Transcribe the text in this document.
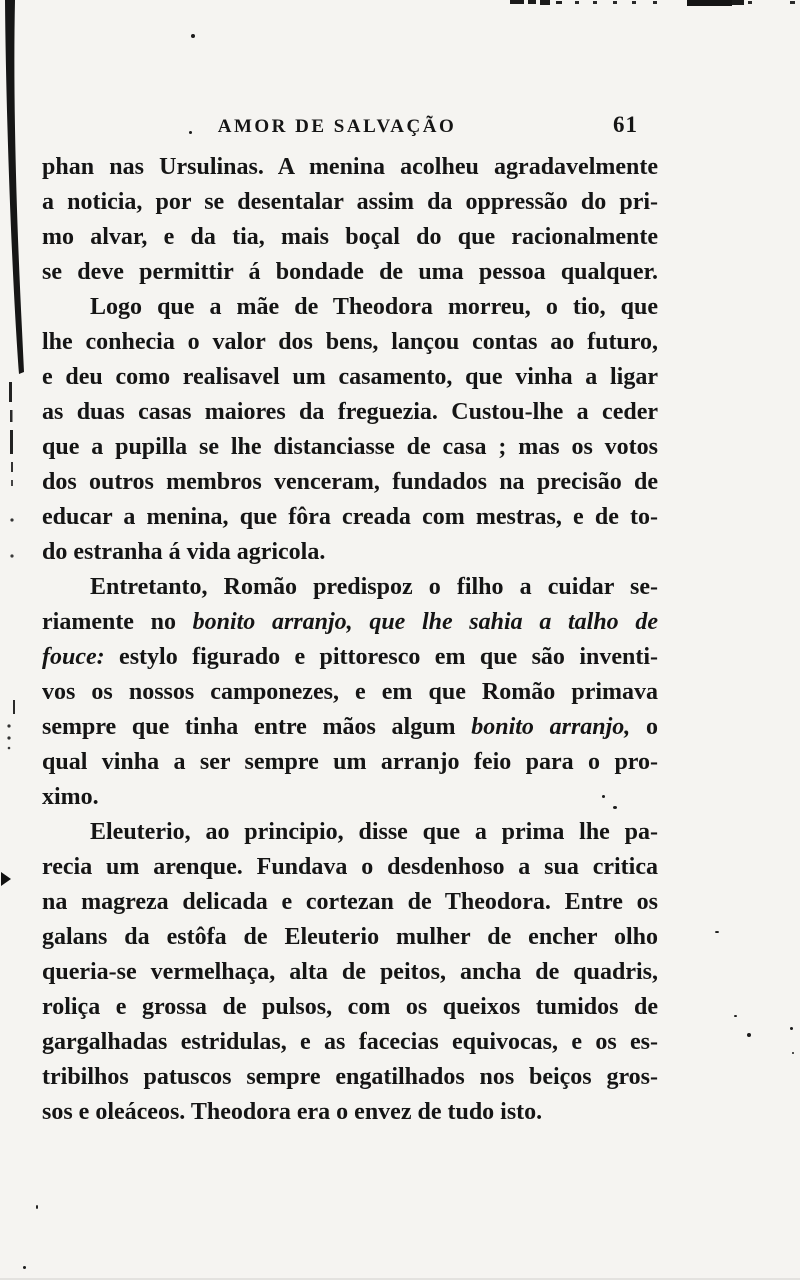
AMOR DE SALVAÇÃO	61
phan nas Ursulinas. A menina acolheu agradavelmente
a noticia, por se desentalar assim da oppressão do pri-
mo alvar, e da tia, mais boçal do que racionalmente
se deve permittir á bondade de uma pessoa qualquer.
Logo que a mãe de Theodora morreu, o tio, que
lhe conhecia o valor dos bens, lançou contas ao futuro,
e deu como realisavel um casamento, que vinha a ligar
as duas casas maiores da freguezia. Custou-lhe a ceder
que a pupilla se lhe distanciasse de casa ; mas os votos
dos outros membros venceram, fundados na precisão de
educar a menina, que fôra creada com mestras, e de to-
do estranha á vida agricola.
Entretanto, Romão predispoz o filho a cuidar se-
riamente no bonito arranjo, que lhe sahia a talho de
fouce: estylo figurado e pittoresco em que são inventi-
vos os nossos camponezes, e em que Romão primava
sempre que tinha entre mãos algum bonito arranjo, o
qual vinha a ser sempre um arranjo feio para o pro-
ximo.
Eleuterio, ao principio, disse que a prima lhe pa-
recia um arenque. Fundava o desdenhoso a sua critica
na magreza delicada e cortezan de Theodora. Entre os
galans da estôfa de Eleuterio mulher de encher olho
queria-se vermelhaça, alta de peitos, ancha de quadris,
roliça e grossa de pulsos, com os queixos tumidos de
gargalhadas estridulas, e as facecias equivocas, e os es-
tribilhos patuscos sempre engatilhados nos beiços gros-
sos e oleáceos. Theodora era o envez de tudo isto.
